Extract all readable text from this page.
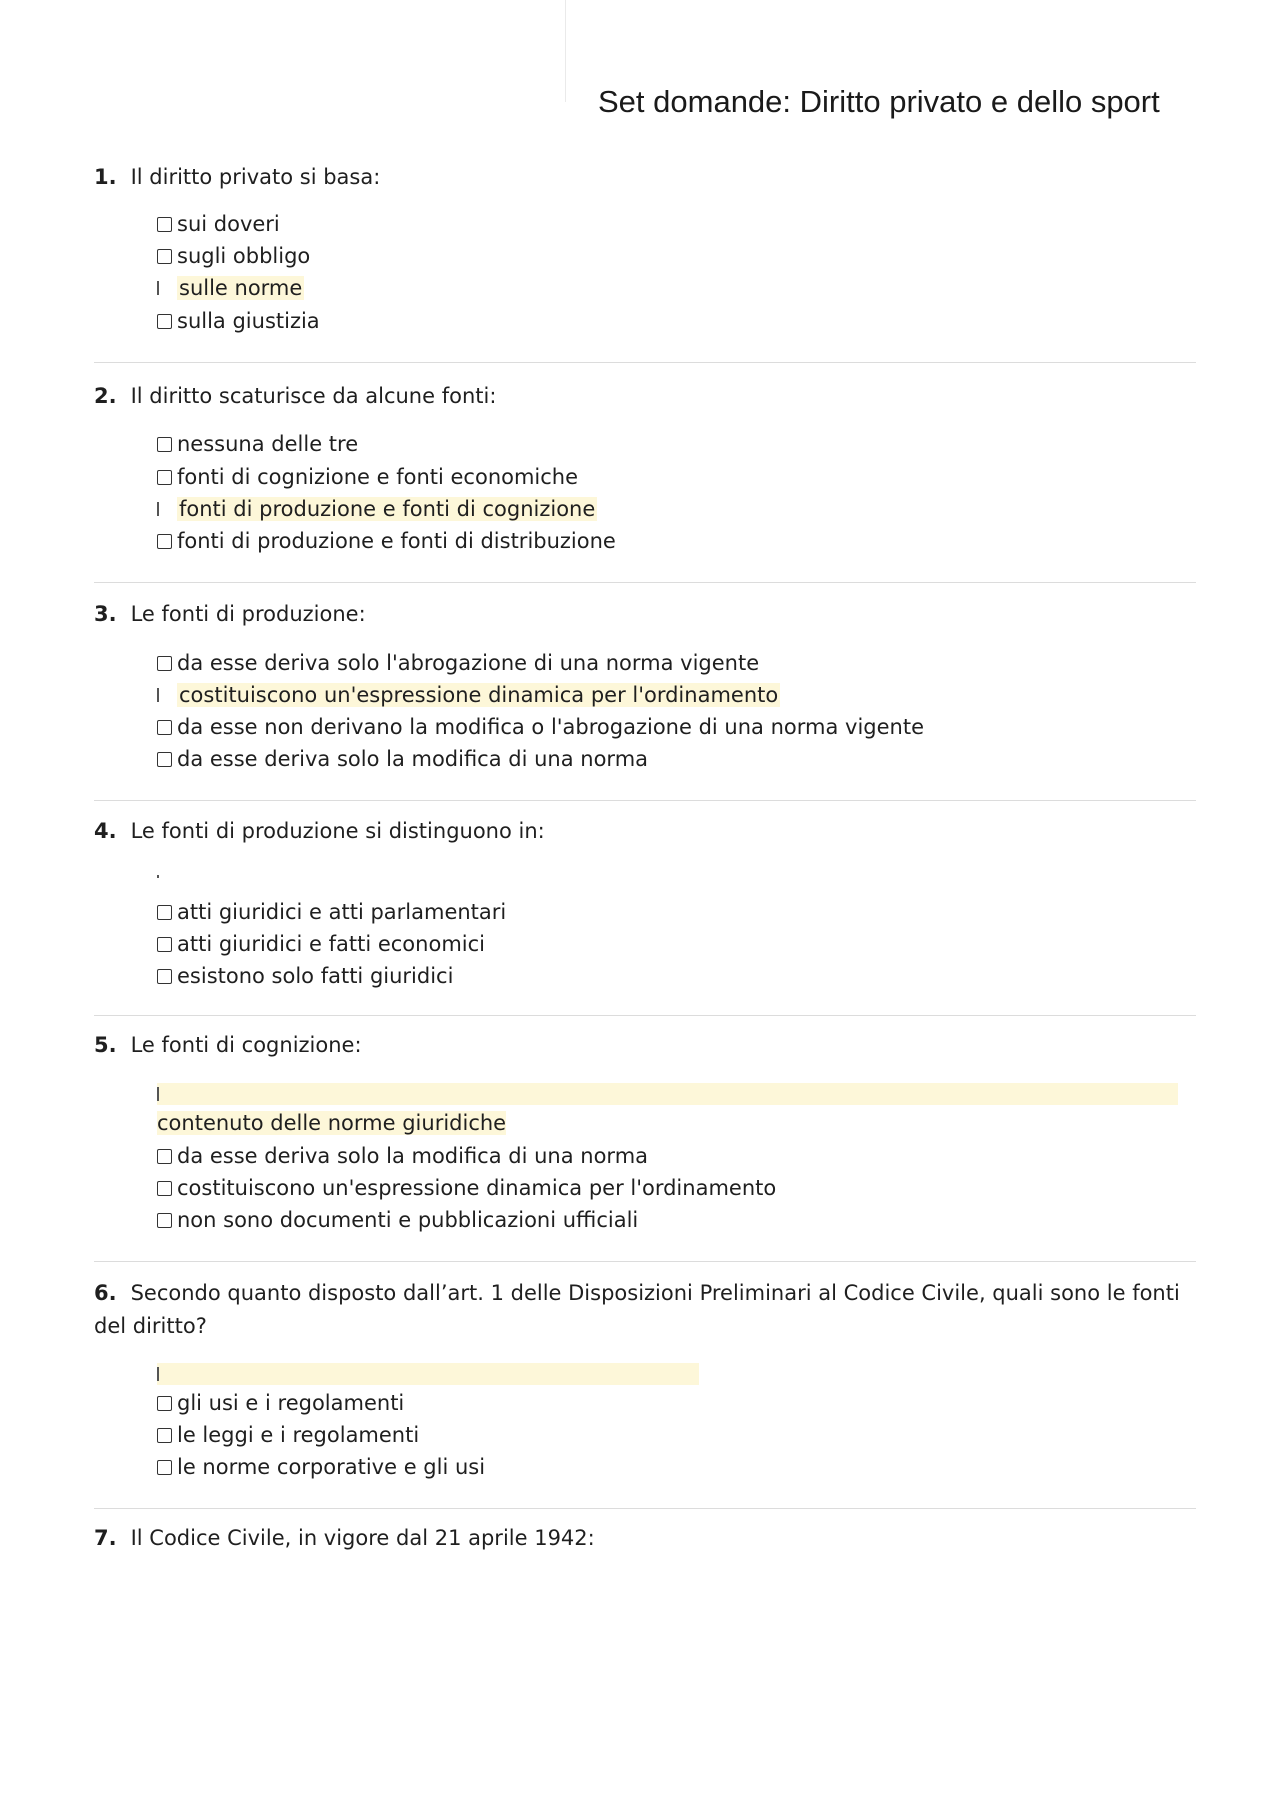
Set domande: Diritto privato e dello sport
1. Il diritto privato si basa:
sui doveri
sugli obbligo
sulle norme
sulla giustizia
2. Il diritto scaturisce da alcune fonti:
nessuna delle tre
fonti di cognizione e fonti economiche
fonti di produzione e fonti di cognizione
fonti di produzione e fonti di distribuzione
3. Le fonti di produzione:
da esse deriva solo l'abrogazione di una norma vigente
costituiscono un'espressione dinamica per l'ordinamento
da esse non derivano la modifica o l'abrogazione di una norma vigente
da esse deriva solo la modifica di una norma
4. Le fonti di produzione si distinguono in:
atti giuridici e atti parlamentari
atti giuridici e fatti economici
esistono solo fatti giuridici
5. Le fonti di cognizione:
contenuto delle norme giuridiche
da esse deriva solo la modifica di una norma
costituiscono un'espressione dinamica per l'ordinamento
non sono documenti e pubblicazioni ufficiali
6. Secondo quanto disposto dall’art. 1 delle Disposizioni Preliminari al Codice Civile, quali sono le fonti del diritto?
gli usi e i regolamenti
le leggi e i regolamenti
le norme corporative e gli usi
7. Il Codice Civile, in vigore dal 21 aprile 1942:
